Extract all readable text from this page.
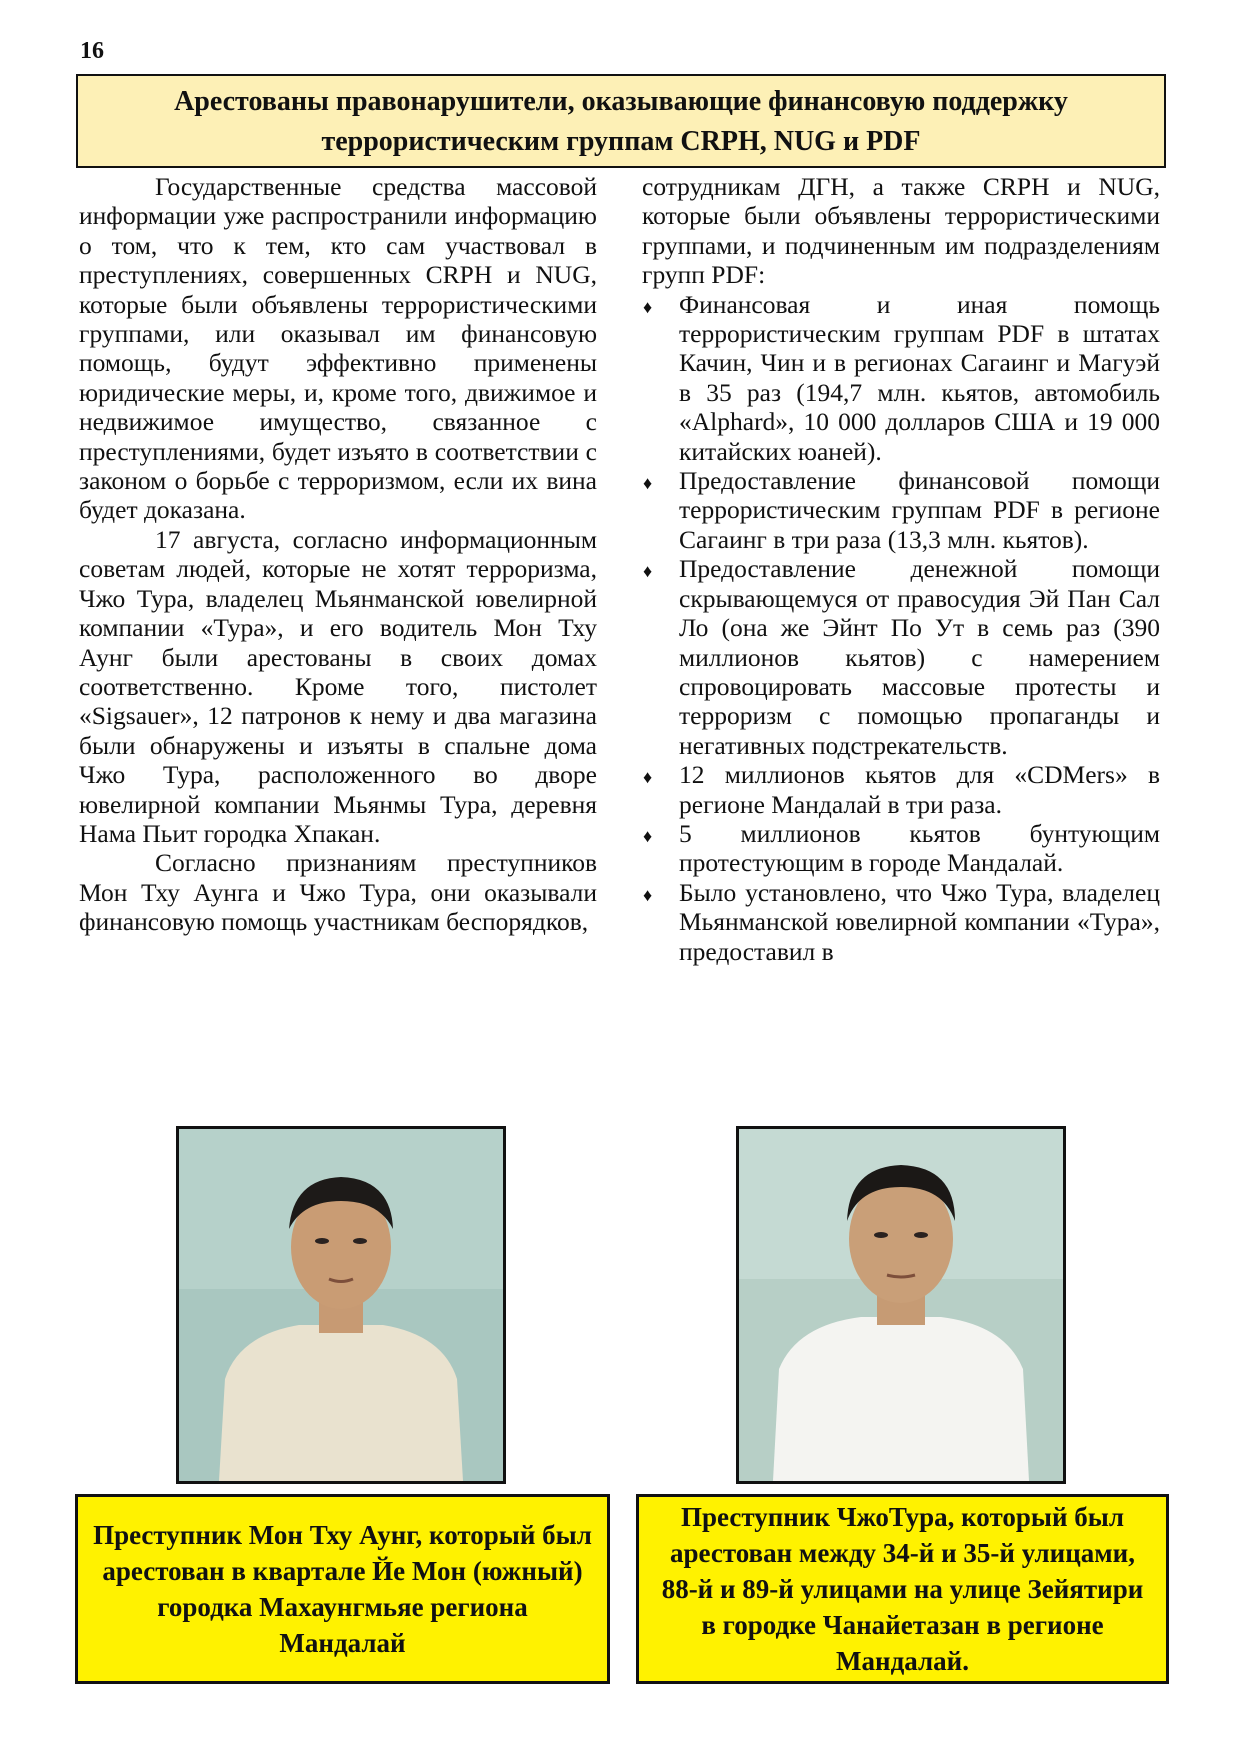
16
Арестованы правонарушители, оказывающие финансовую поддержку
террористическим группам CRPH, NUG и PDF

Государственные средства массовой информации уже распространили информацию о том, что к тем, кто сам участвовал в преступлениях, совершенных CRPH и NUG, которые были объявлены террористическими группами, или оказывал им финансовую помощь, будут эффективно применены юридические меры, и, кроме того, движимое и недвижимое имущество, связанное с преступлениями, будет изъято в соответствии с законом о борьбе с терроризмом, если их вина будет доказана.

17 августа, согласно информационным советам людей, которые не хотят терроризма, Чжо Тура, владелец Мьянманской ювелирной компании «Тура», и его водитель Мон Тху Аунг были арестованы в своих домах соответственно. Кроме того, пистолет «Sigsauer», 12 патронов к нему и два магазина были обнаружены и изъяты в спальне дома Чжо Тура, расположенного во дворе ювелирной компании Мьянмы Тура, деревня Нама Пьит городка Хпакан.

Согласно признаниям преступников Мон Тху Аунга и Чжо Тура, они оказывали финансовую помощь участникам беспорядков,

сотрудникам ДГН, а также CRPH и NUG, которые были объявлены террористическими группами, и подчиненным им подразделениям групп PDF:

♦ Финансовая и иная помощь террористическим группам PDF в штатах Качин, Чин и в регионах Сагаинг и Магуэй в 35 раз (194,7 млн. кьятов, автомобиль «Alphard», 10 000 долларов США и 19 000 китайских юаней).
♦ Предоставление финансовой помощи террористическим группам PDF в регионе Сагаинг в три раза (13,3 млн. кьятов).
♦ Предоставление денежной помощи скрывающемуся от правосудия Эй Пан Сал Ло (она же Эйнт По Ут в семь раз (390 миллионов кьятов) с намерением спровоцировать массовые протесты и терроризм с помощью пропаганды и негативных подстрекательств.
♦ 12 миллионов кьятов для «CDMers» в регионе Мандалай в три раза.
♦ 5 миллионов кьятов бунтующим протестующим в городе Мандалай.
♦ Было установлено, что Чжо Тура, владелец Мьянманской ювелирной компании «Тура», предоставил в
Преступник Мон Тху Аунг, который был арестован в квартале Йе Мон (южный) городка Махаунгмьяе региона Мандалай
Преступник ЧжоТура, который был арестован между 34-й и 35-й улицами, 88-й и 89-й улицами на улице Зейятири в городке Чанайетазан в регионе Мандалай.
